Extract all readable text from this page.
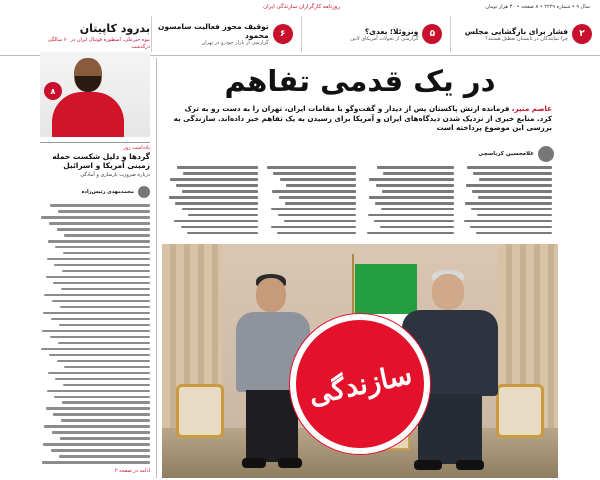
روزنامه کارگزاران سازندگی ایران	سال ۹ • شماره ۲۲۲۹ • ۸ صفحه • ۳۰ هزار تومان
۲
فشار برای بازگشایی مجلس
چرا نمایندگان در تابستان تعطیل هستند؟
۵
ونزوئلا؛ بعدی؟
گزارشی از تحولات آمریکای لاتین
۶
توقیف مجوز فعالیت سامسون محمود
گزارشی از بازار خودرو در تهران
بدرود کاپیتان
بیوه خیرعلی، اسطوره فوتبال ایران در ۶۰ سالگی درگذشت
۸
یادداشت روز
گردها و دلیل شکست حمله زمینی آمریکا و اسرائیل
درباره ضرورت بازسازی و آمادگی
محمدمهدی رئیس‌زاده
ادامه در صفحه ۲
در یک قدمی تفاهم
عاصم منیر، فرمانده ارتش پاکستان پس از دیدار و گفت‌وگو با مقامات ایران، تهران را به دست رو به ترک کرد. منابع خبری از نزدیک شدن دیدگاه‌های ایران و آمریکا برای رسیدن به یک تفاهم خبر داده‌اند. سازندگی به بررسی این موضوع پرداخته است
غلامحسین کرباسچی
سازندگی
